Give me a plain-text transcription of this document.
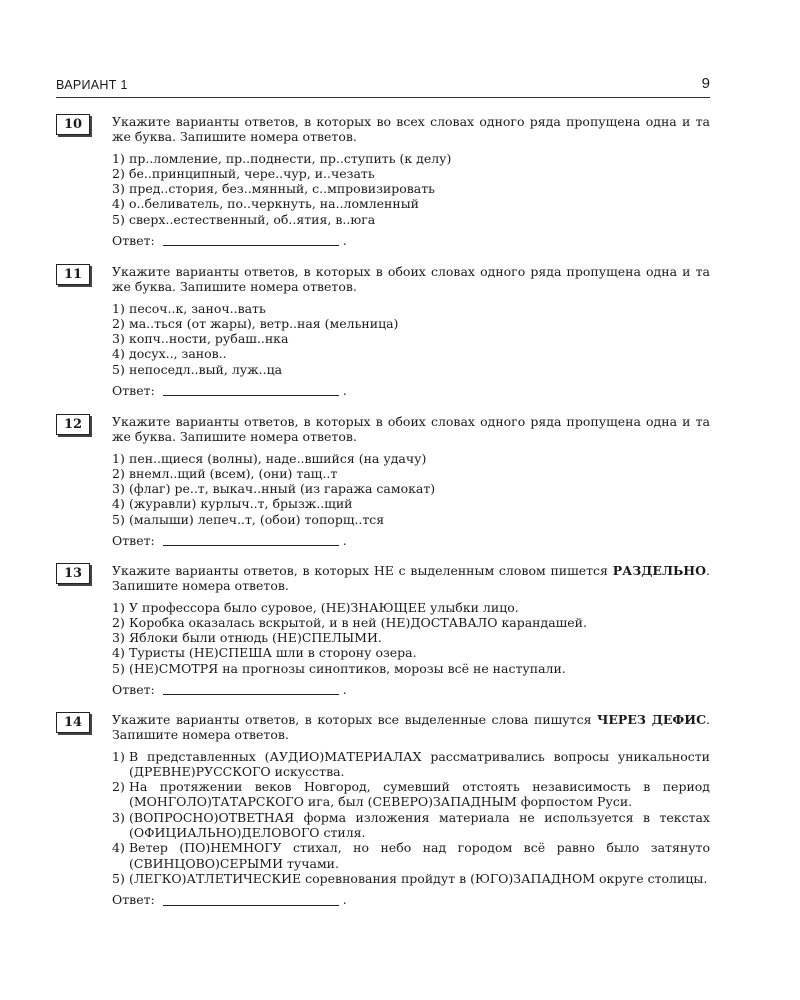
ВАРИАНТ 1	9
10	Укажите варианты ответов, в которых во всех словах одного ряда пропущена одна и та же буква. Запишите номера ответов.

1) пр..ломление, пр..поднести, пр..ступить (к делу)
2) бе..принципный, чере..чур, и..чезать
3) пред..стория, без..мянный, с..мпровизировать
4) о..беливатель, по..черкнуть, на..ломленный
5) сверх..естественный, об..ятия, в..юга
Ответ:	.
11	Укажите варианты ответов, в которых в обоих словах одного ряда пропущена одна и та же буква. Запишите номера ответов.

1) песоч..к, заноч..вать
2) ма..ться (от жары), ветр..ная (мельница)
3) копч..ности, рубаш..нка
4) досух.., занов..
5) непоседл..вый, луж..ца
Ответ:	.
12	Укажите варианты ответов, в которых в обоих словах одного ряда пропущена одна и та же буква. Запишите номера ответов.

1) пен..щиеся (волны), наде..вшийся (на удачу)
2) внемл..щий (всем), (они) тащ..т
3) (флаг) ре..т, выкач..нный (из гаража самокат)
4) (журавли) курлыч..т, брызж..щий
5) (малыши) лепеч..т, (обои) топорщ..тся
Ответ:	.
13	Укажите варианты ответов, в которых НЕ с выделенным словом пишется РАЗДЕЛЬНО. Запишите номера ответов.

1) У профессора было суровое, (НЕ)ЗНАЮЩЕЕ улыбки лицо.
2) Коробка оказалась вскрытой, и в ней (НЕ)ДОСТАВАЛО карандашей.
3) Яблоки были отнюдь (НЕ)СПЕЛЫМИ.
4) Туристы (НЕ)СПЕША шли в сторону озера.
5) (НЕ)СМОТРЯ на прогнозы синоптиков, морозы всё не наступали.
Ответ:	.
14	Укажите варианты ответов, в которых все выделенные слова пишутся ЧЕРЕЗ ДЕФИС. Запишите номера ответов.

1) В представленных (АУДИО)МАТЕРИАЛАХ рассматривались вопросы уникальности (ДРЕВНЕ)РУССКОГО искусства.
2) На протяжении веков Новгород, сумевший отстоять независимость в период (МОНГОЛО)ТАТАРСКОГО ига, был (СЕВЕРО)ЗАПАДНЫМ форпостом Руси.
3) (ВОПРОСНО)ОТВЕТНАЯ форма изложения материала не используется в текстах (ОФИЦИАЛЬНО)ДЕЛОВОГО стиля.
4) Ветер (ПО)НЕМНОГУ стихал, но небо над городом всё равно было затянуто (СВИНЦОВО)СЕРЫМИ тучами.
5) (ЛЕГКО)АТЛЕТИЧЕСКИЕ соревнования пройдут в (ЮГО)ЗАПАДНОМ округе столицы.
Ответ:	.
